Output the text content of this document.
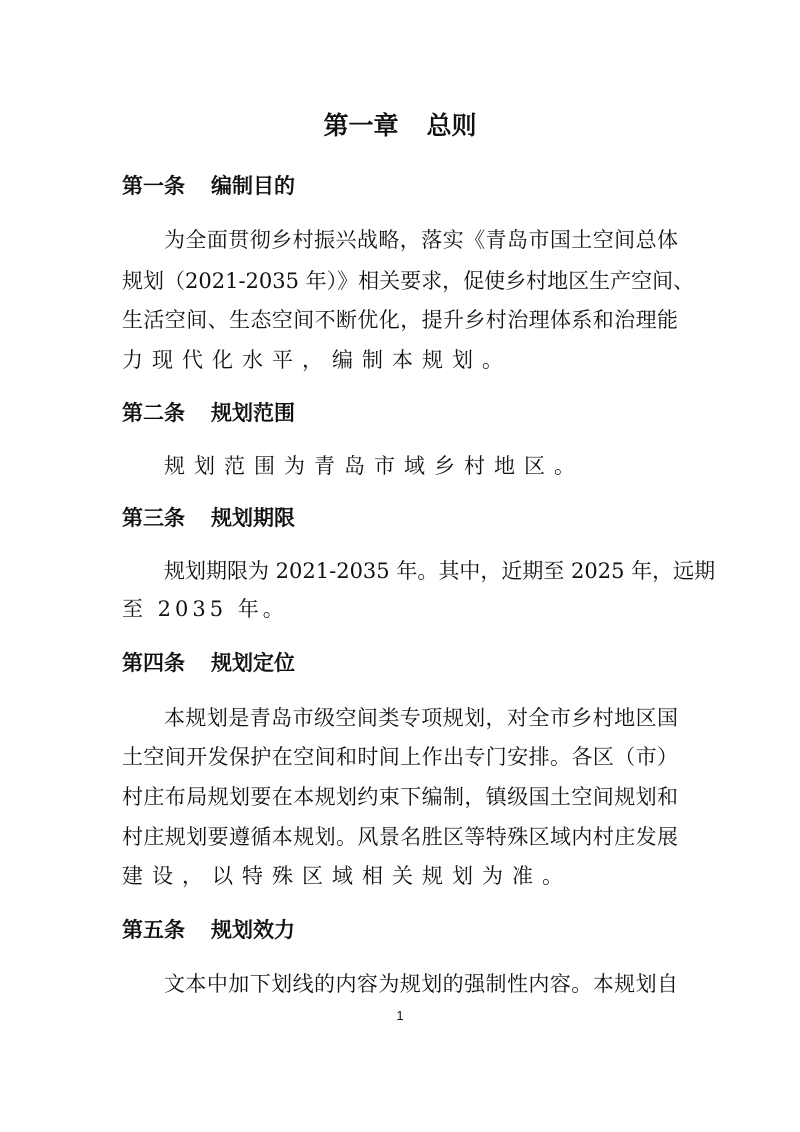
第一章 总则
第一条 编制目的
为全面贯彻乡村振兴战略，落实《青岛市国土空间总体
规划（2021-2035 年）》相关要求，促使乡村地区生产空间、
生活空间、生态空间不断优化，提升乡村治理体系和治理能
力现代化水平，编制本规划。
第二条 规划范围
规划范围为青岛市域乡村地区。
第三条 规划期限
规划期限为 2021-2035 年。其中，近期至 2025 年，远期
至 2035 年。
第四条 规划定位
本规划是青岛市级空间类专项规划，对全市乡村地区国
土空间开发保护在空间和时间上作出专门安排。各区（市）
村庄布局规划要在本规划约束下编制，镇级国土空间规划和
村庄规划要遵循本规划。风景名胜区等特殊区域内村庄发展
建设，以特殊区域相关规划为准。
第五条 规划效力
文本中加下划线的内容为规划的强制性内容。本规划自
1
